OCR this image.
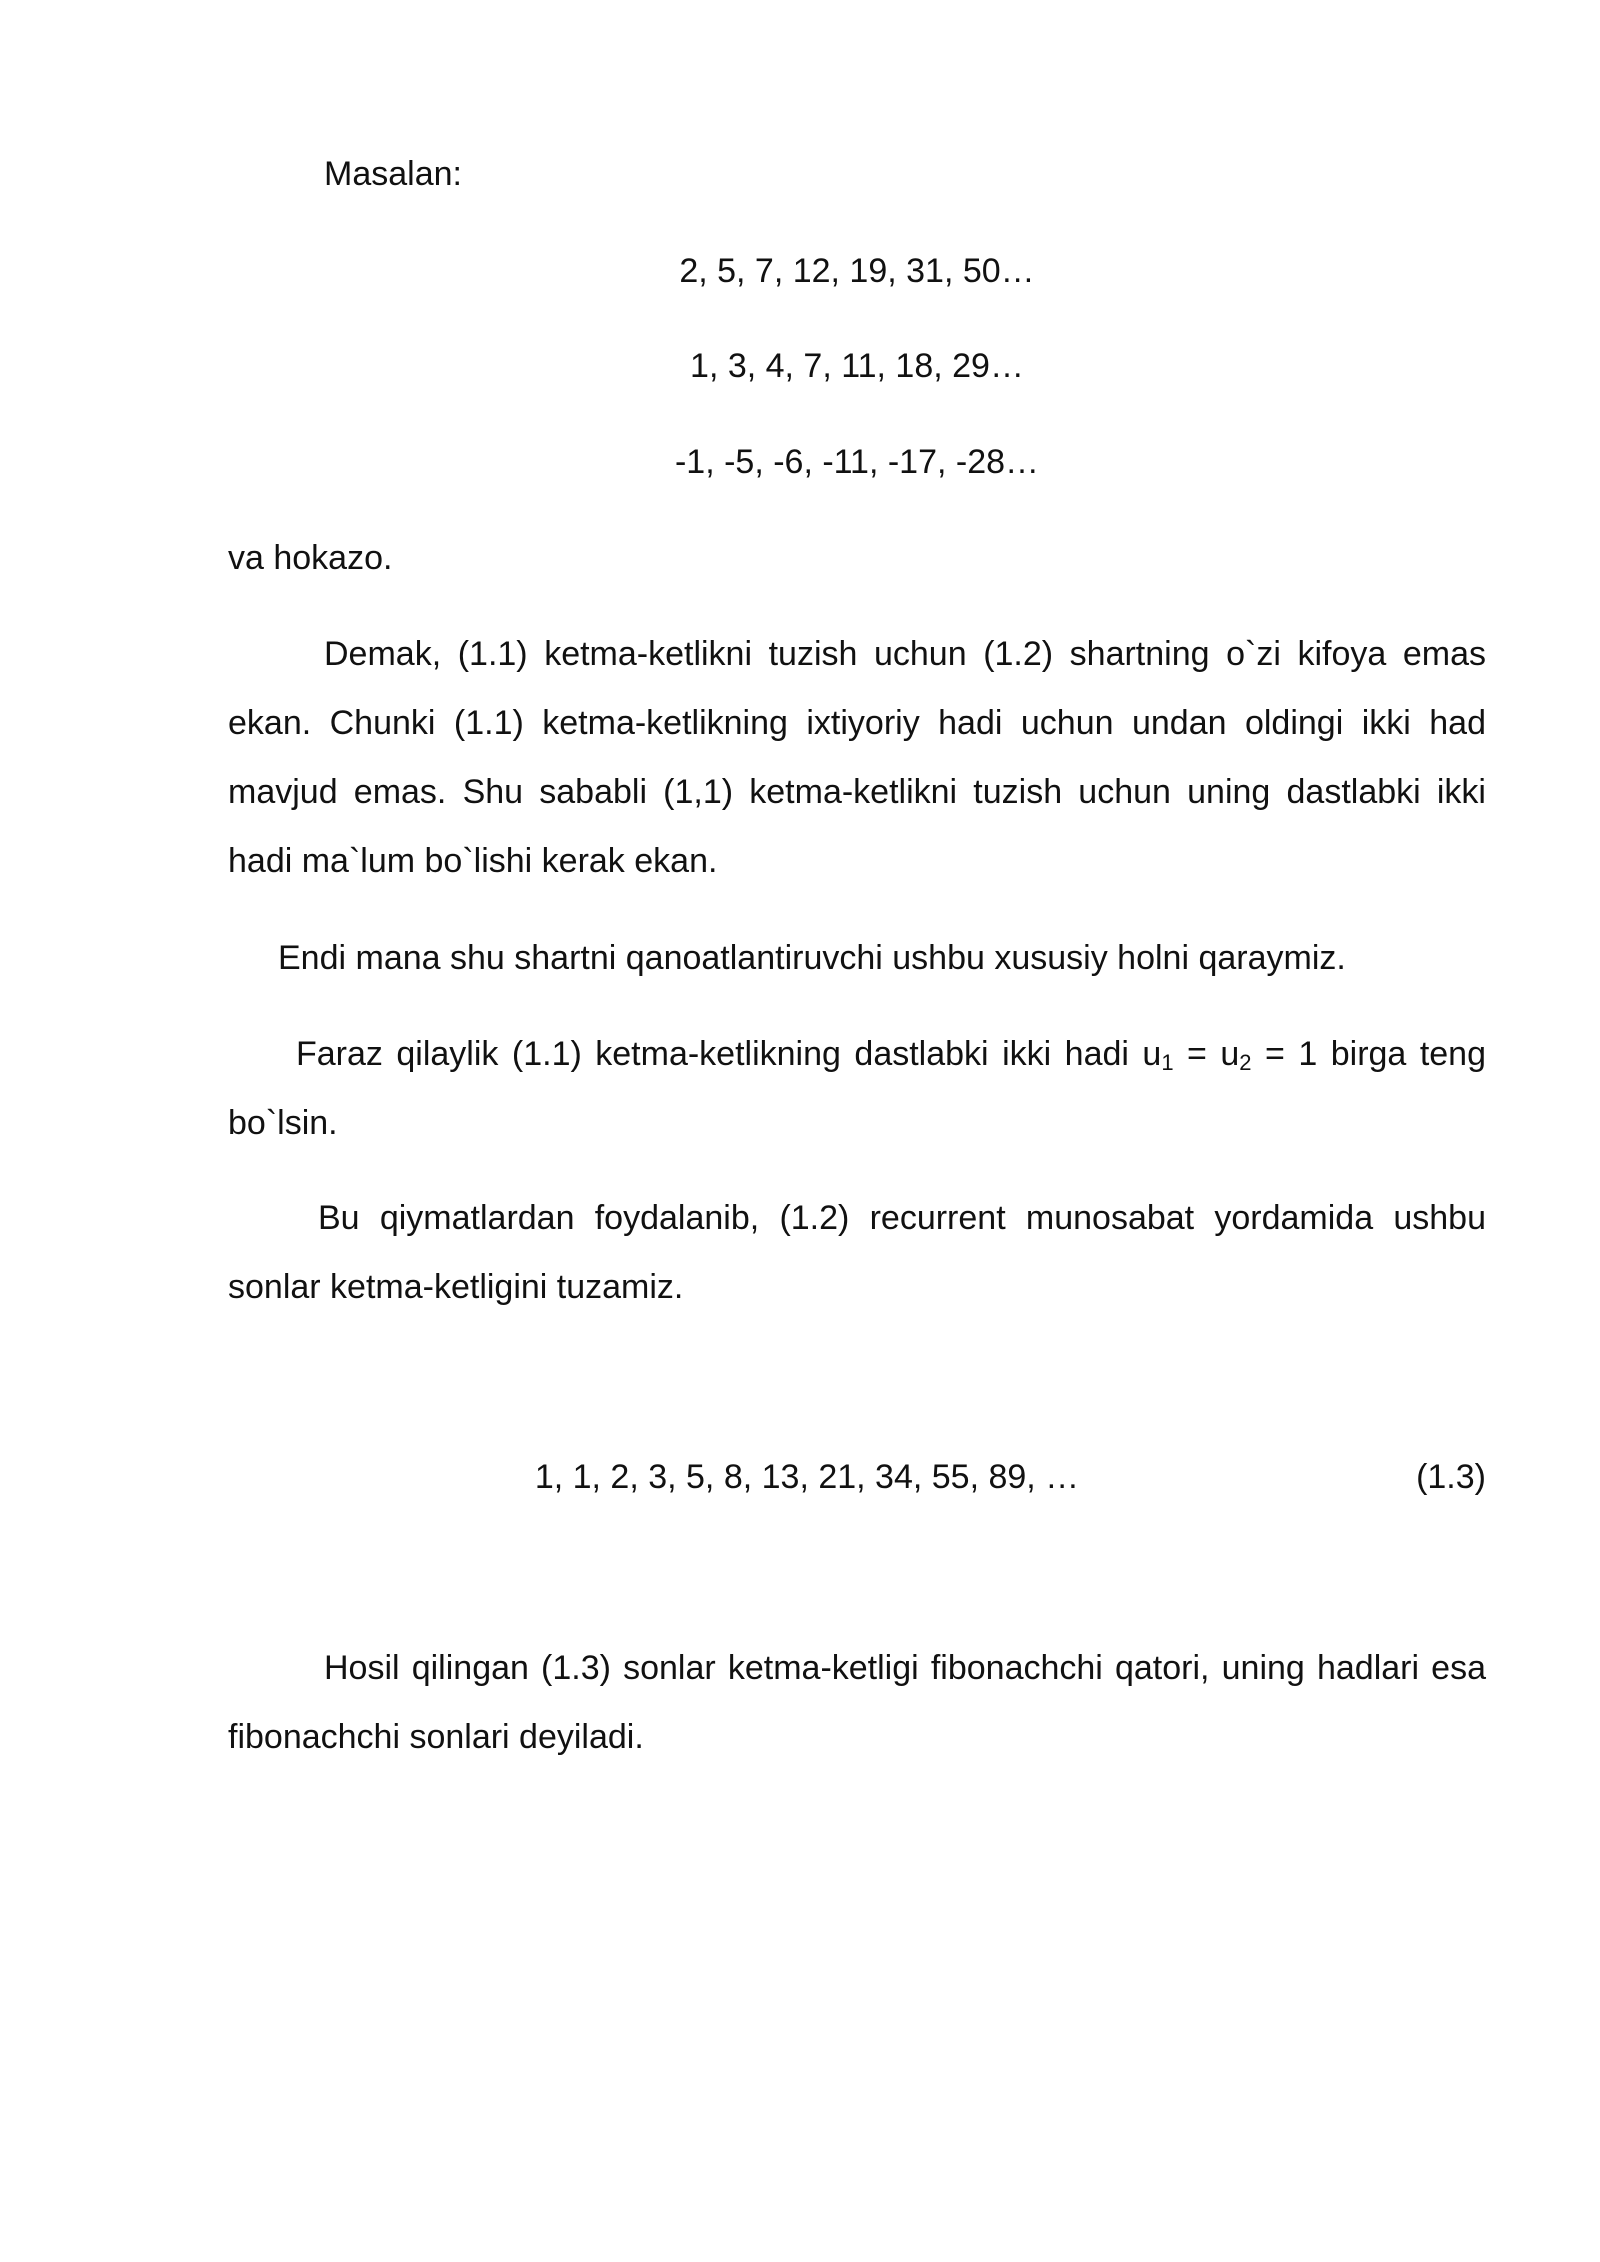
Masalan:
2, 5, 7, 12, 19, 31, 50…
1, 3, 4, 7, 11, 18, 29…
-1, -5, -6, -11, -17, -28…
va hokazo.
Demak, (1.1) ketma-ketlikni tuzish uchun (1.2) shartning o`zi kifoya emas ekan. Chunki (1.1) ketma-ketlikning ixtiyoriy hadi uchun undan oldingi ikki had mavjud emas. Shu sababli (1,1) ketma-ketlikni tuzish uchun uning dastlabki ikki hadi ma`lum bo`lishi kerak ekan.
Endi mana shu shartni qanoatlantiruvchi ushbu xususiy holni qaraymiz.
Faraz qilaylik (1.1) ketma-ketlikning dastlabki ikki hadi $u_1 = u_2 = 1$ birga teng bo`lsin.
Bu qiymatlardan foydalanib, (1.2) recurrent munosabat yordamida ushbu sonlar ketma-ketligini tuzamiz.
1, 1, 2, 3, 5, 8, 13, 21, 34, 55, 89, …	(1.3)
Hosil qilingan (1.3) sonlar ketma-ketligi fibonachchi qatori, uning hadlari esa fibonachchi sonlari deyiladi.
